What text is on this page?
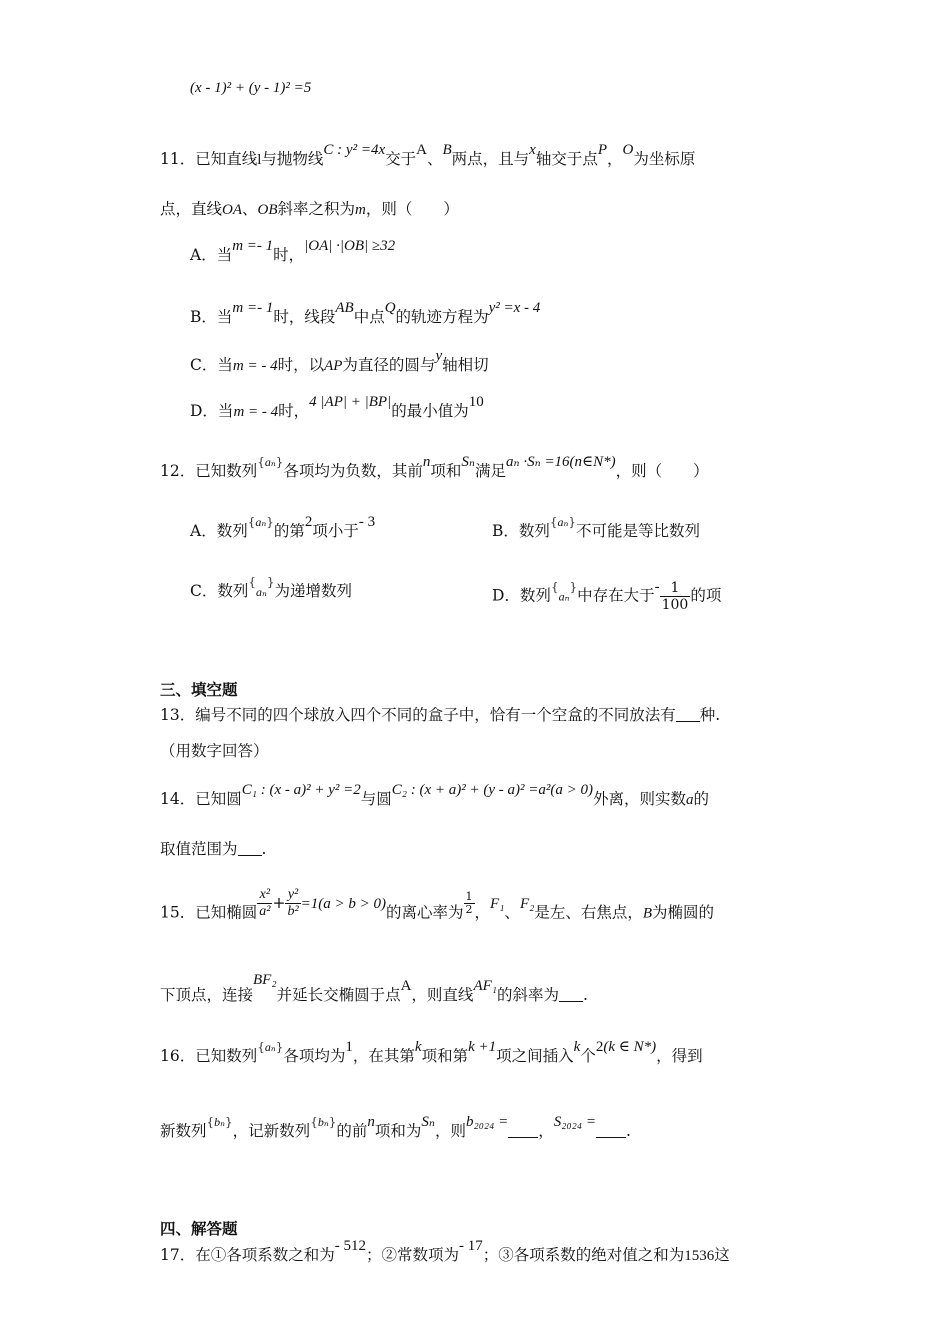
(x - 1)² + (y - 1)² =5
11．已知直线l与抛物线C : y² =4x交于A、B两点，且与x轴交于点P，O为坐标原
点，直线OA、OB斜率之积为m，则（　　）
A．当m =- 1时，|OA| ·|OB| ≥32
B．当m =- 1时，线段AB中点Q的轨迹方程为y² =x - 4
C．当m = - 4时，以AP为直径的圆与y轴相切
D．当m = - 4时，4 |AP| + |BP|的最小值为10
12．已知数列$^{\{a_n\}}$各项均为负数，其前n项和Sₙ满足aₙ ·Sₙ =16(n∈N*)，则（　　）
A．数列$^{\{a_n\}}$的第2项小于- 3	B．数列$^{\{a_n\}}$不可能是等比数列
C．数列{aₙ}为递增数列	D．数列{aₙ}中存在大于- $\frac{1}{100}$ 的项
三、填空题
13．编号不同的四个球放入四个不同的盒子中，恰有一个空盒的不同放法有 种.
（用数字回答）
14．已知圆C₁ : (x - a)² + y² =2与圆C₂ : (x + a)² + (y - a)² =a²(a > 0)外离，则实数a的
取值范围为 .
15．已知椭圆 $\frac{\text{x²}}{\text{a²}} + \frac{\text{y²}}{\text{b²}} =1(a > b > 0)$的离心率为 $\frac{1}{2}$ ，F₁、F₂是左、右焦点，B为椭圆的
下顶点，连接BF₂并延长交椭圆于点A，则直线AF₁的斜率为 .
16．已知数列$^{\{a_n\}}$各项均为1，在其第k项和第k +1项之间插入k个2(k ∈ N*)，得到
新数列$^{\{b_n\}}$，记新数列$^{\{b_n\}}$的前n项和为Sₙ，则b₂₀₂₄ = ，S₂₀₂₄ = .
四、解答题
17．在①各项系数之和为- 512；②常数项为- 17；③各项系数的绝对值之和为1536这
